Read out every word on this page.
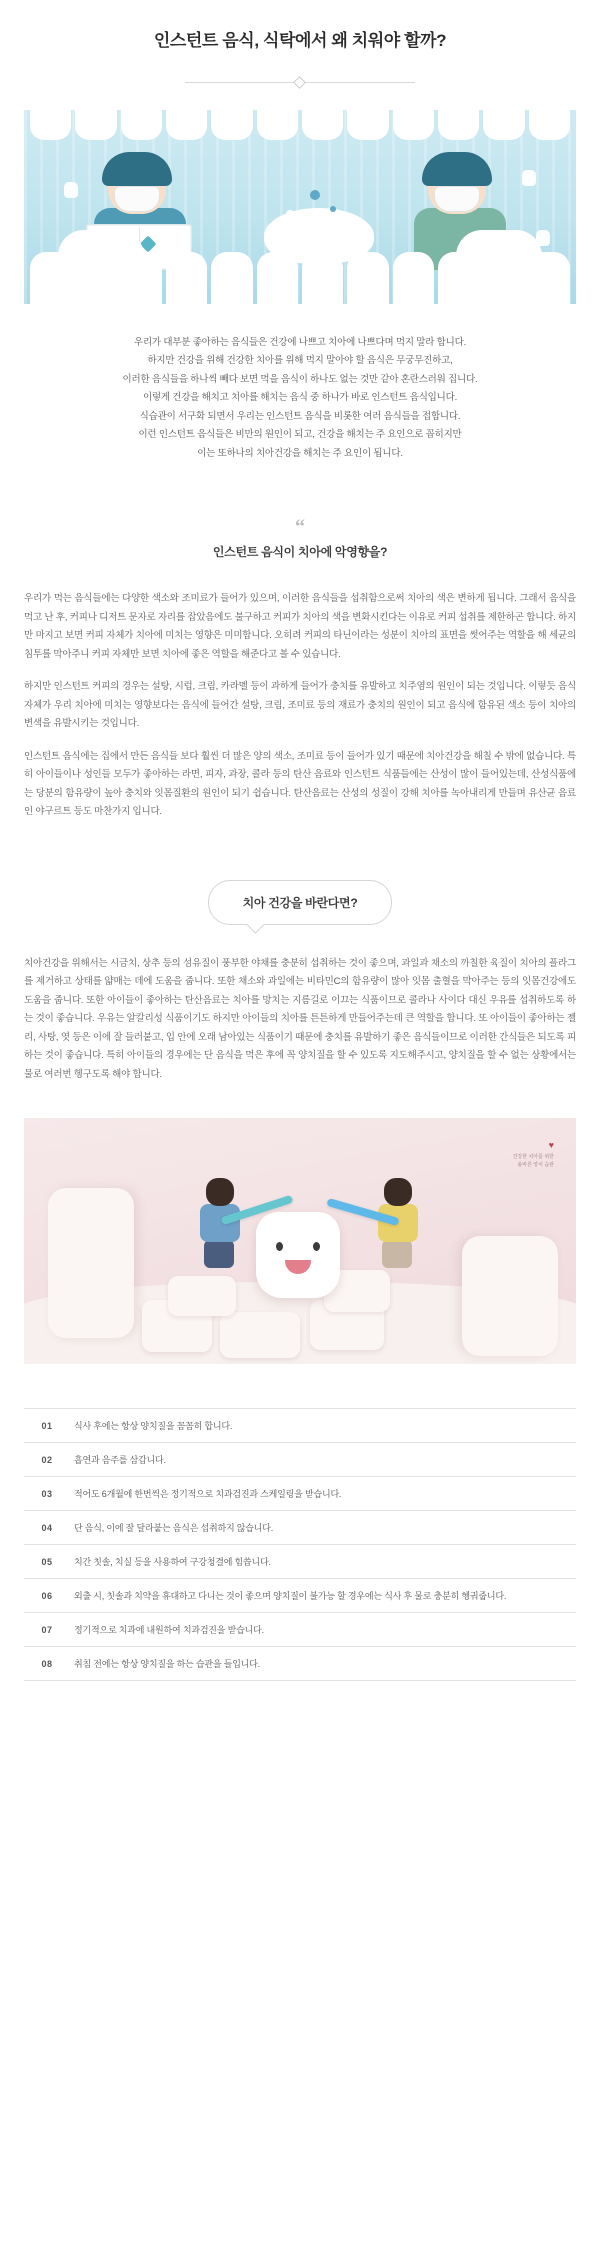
인스턴트 음식, 식탁에서 왜 치워야 할까?

우리가 대부분 좋아하는 음식들은 건강에 나쁘고 치아에 나쁘다며 먹지 말라 합니다.

하지만 건강을 위해 건강한 치아를 위해 먹지 말아야 할 음식은 무궁무진하고,

이러한 음식들을 하나씩 빼다 보면 먹을 음식이 하나도 없는 것만 같아 혼란스러워 집니다.

이렇게 건강을 해치고 치아를 해치는 음식 중 하나가 바로 인스턴트 음식입니다.

식습관이 서구화 되면서 우리는 인스턴트 음식을 비롯한 여러 음식들을 접합니다.

이런 인스턴트 음식들은 비만의 원인이 되고, 건강을 해치는 주 요인으로 꼽히지만

이는 또하나의 치아건강을 해치는 주 요인이 됩니다.

“
인스턴트 음식이 치아에 악영향을?

우리가 먹는 음식들에는 다양한 색소와 조미료가 들어가 있으며, 이러한 음식들을 섭취함으로써 치아의 색은 변하게 됩니다. 그래서 음식을 먹고 난 후, 커피나 디저트 문자로 자리를 잡았음에도 불구하고 커피가 치아의 색을 변화시킨다는 이유로 커피 섭취를 제한하곤 합니다. 하지만 마지고 보면 커피 자체가 치아에 미치는 영향은 미미합니다. 오히려 커피의 타닌이라는 성분이 치아의 표면을 썻어주는 역할을 해 세균의 침투를 막아주니 커피 자체만 보면 치아에 좋은 역할을 해준다고 볼 수 있습니다.

하지만 인스턴트 커피의 경우는 설탕, 시럽, 크림, 카라멜 등이 과하게 들어가 충치를 유발하고 치주염의 원인이 되는 것입니다. 이렇듯 음식 자체가 우리 치아에 미치는 영향보다는 음식에 들어간 설탕, 크림, 조미료 등의 재료가 충치의 원인이 되고 음식에 함유된 색소 등이 치아의 변색을 유발시키는 것입니다.

인스턴트 음식에는 집에서 만든 음식들 보다 훨씬 더 많은 양의 색소, 조미료 등이 들어가 있기 때문에 치아건강을 해칠 수 밖에 없습니다. 특히 아이들이나 성인들 모두가 좋아하는 라면, 피자, 과장, 콜라 등의 탄산 음료와 인스턴트 식품들에는 산성이 많이 들어있는데, 산성식품에는 당분의 함유량이 높아 충치와 잇몸질환의 원인이 되기 쉽습니다. 탄산음료는 산성의 성질이 강해 치아를 녹아내리게 만들며 유산균 음료인 야구르트 등도 마찬가지 입니다.

치아 건강을 바란다면?

치아건강을 위해서는 시금치, 상추 등의 섬유질이 풍부한 야채를 충분히 섭취하는 것이 좋으며, 과일과 채소의 까칠한 육질이 치아의 플라그를 제거하고 상태를 얇매는 데에 도움을 줍니다. 또한 채소와 과일에는 비타민C의 함유량이 많아 잇몸 출혈을 막아주는 등의 잇몸건강에도 도움을 줍니다. 또한 아이들이 좋아하는 탄산음료는 치아를 망치는 지름길로 이끄는 식품이므로 콜라나 사이다 대신 우유를 섭취하도록 하는 것이 좋습니다. 우유는 알칼리성 식품이기도 하지만 아이들의 치아를 튼튼하게 만들어주는데 큰 역할을 합니다. 또 아이들이 좋아하는 젤리, 사탕, 엿 등은 이에 잘 들러붙고, 입 안에 오래 남아있는 식품이기 때문에 충치를 유발하기 좋은 음식들이므로 이러한 간식들은 되도록 피하는 것이 좋습니다. 특히 아이들의 경우에는 단 음식을 먹은 후에 꼭 양치질을 할 수 있도록 지도해주시고, 양치질을 할 수 없는 상황에서는 물로 여러번 헹구도록 해야 합니다.

♥
건강한 치아를 위한
올바른 양치 습관
01	식사 후에는 항상 양치질을 꼼꼼히 합니다.
02	흡연과 음주를 삼갑니다.
03	적어도 6개월에 한번씩은 정기적으로 치과검진과 스케일링을 받습니다.
04	단 음식, 이에 잘 달라붙는 음식은 섭취하지 않습니다.
05	치간 칫솔, 치실 등을 사용하여 구강청결에 힘씁니다.
06	외출 시, 칫솔과 치약을 휴대하고 다니는 것이 좋으며 양치질이 불가능 할 경우에는 식사 후 물로 충분히 헹궈줍니다.
07	정기적으로 치과에 내원하여 치과검진을 받습니다.
08	취침 전에는 항상 양치질을 하는 습관을 들입니다.
